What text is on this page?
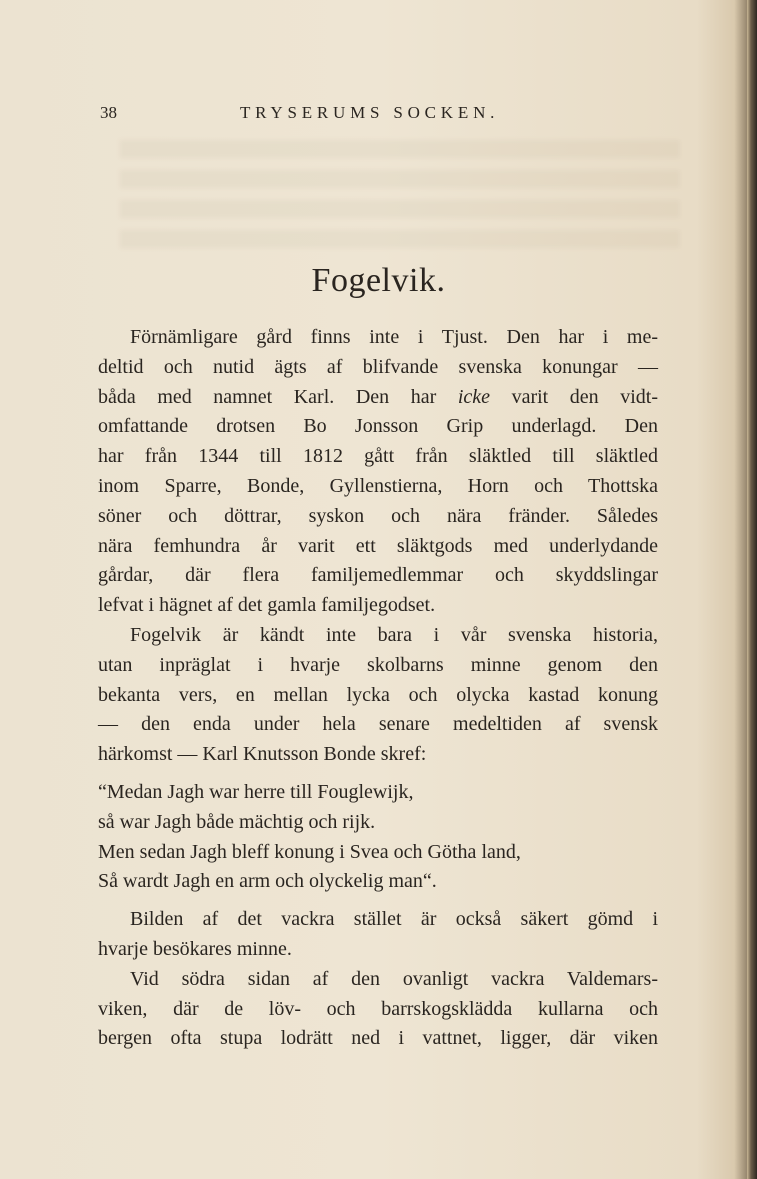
38	TRYSERUMS SOCKEN.
Fogelvik.

Förnämligare gård finns inte i Tjust. Den har i me-
deltid och nutid ägts af blifvande svenska konungar —
båda med namnet Karl. Den har icke varit den vidt-
omfattande drotsen Bo Jonsson Grip underlagd. Den
har från 1344 till 1812 gått från släktled till släktled
inom Sparre, Bonde, Gyllenstierna, Horn och Thottska
söner och döttrar, syskon och nära fränder. Således
nära femhundra år varit ett släktgods med underlydande
gårdar, där flera familjemedlemmar och skyddslingar
lefvat i hägnet af det gamla familjegodset.

Fogelvik är kändt inte bara i vår svenska historia,
utan inpräglat i hvarje skolbarns minne genom den
bekanta vers, en mellan lycka och olycka kastad konung
— den enda under hela senare medeltiden af svensk
härkomst — Karl Knutsson Bonde skref:

“Medan Jagh war herre till Fouglewijk,
så war Jagh både mächtig och rijk.
Men sedan Jagh bleff konung i Svea och Götha land,
Så wardt Jagh en arm och olyckelig man“.

Bilden af det vackra stället är också säkert gömd i
hvarje besökares minne.

Vid södra sidan af den ovanligt vackra Valdemars-
viken, där de löv- och barrskogsklädda kullarna och
bergen ofta stupa lodrätt ned i vattnet, ligger, där viken
